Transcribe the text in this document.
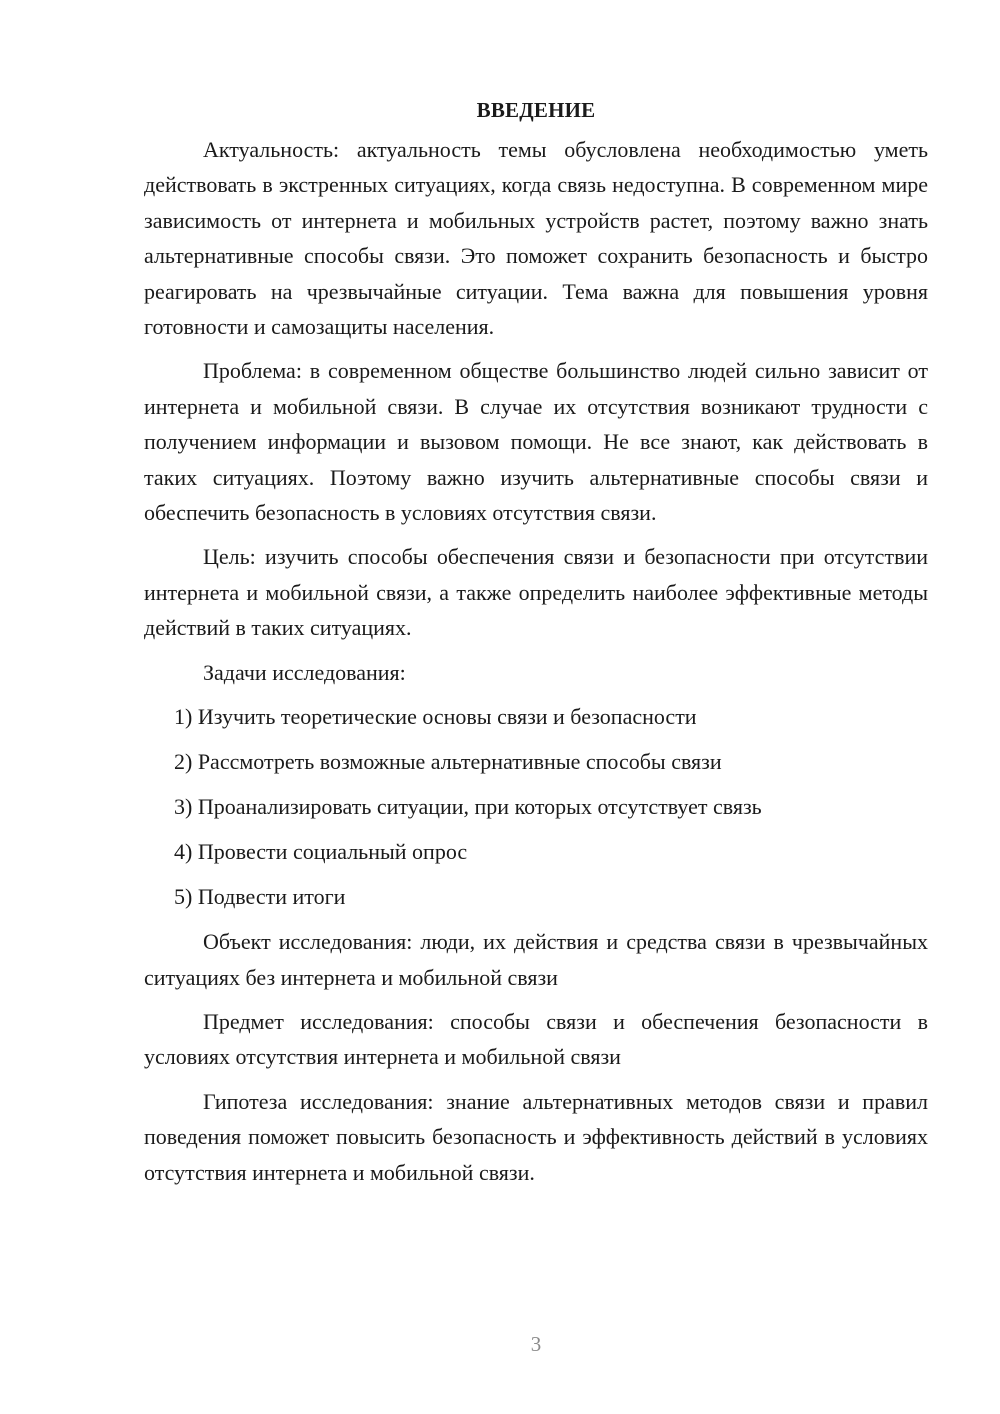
ВВЕДЕНИЕ

Актуальность: актуальность темы обусловлена необходимостью уметь действовать в экстренных ситуациях, когда связь недоступна. В современном мире зависимость от интернета и мобильных устройств растет, поэтому важно знать альтернативные способы связи. Это поможет сохранить безопасность и быстро реагировать на чрезвычайные ситуации. Тема важна для повышения уровня готовности и самозащиты населения.

Проблема: в современном обществе большинство людей сильно зависит от интернета и мобильной связи. В случае их отсутствия возникают трудности с получением информации и вызовом помощи. Не все знают, как действовать в таких ситуациях. Поэтому важно изучить альтернативные способы связи и обеспечить безопасность в условиях отсутствия связи.

Цель: изучить способы обеспечения связи и безопасности при отсутствии интернета и мобильной связи, а также определить наиболее эффективные методы действий в таких ситуациях.

Задачи исследования:

1) Изучить теоретические основы связи и безопасности

2) Рассмотреть возможные альтернативные способы связи

3) Проанализировать ситуации, при которых отсутствует связь

4) Провести социальный опрос

5) Подвести итоги

Объект исследования: люди, их действия и средства связи в чрезвычайных ситуациях без интернета и мобильной связи

Предмет исследования: способы связи и обеспечения безопасности в условиях отсутствия интернета и мобильной связи

Гипотеза исследования: знание альтернативных методов связи и правил поведения поможет повысить безопасность и эффективность действий в условиях отсутствия интернета и мобильной связи.

3
